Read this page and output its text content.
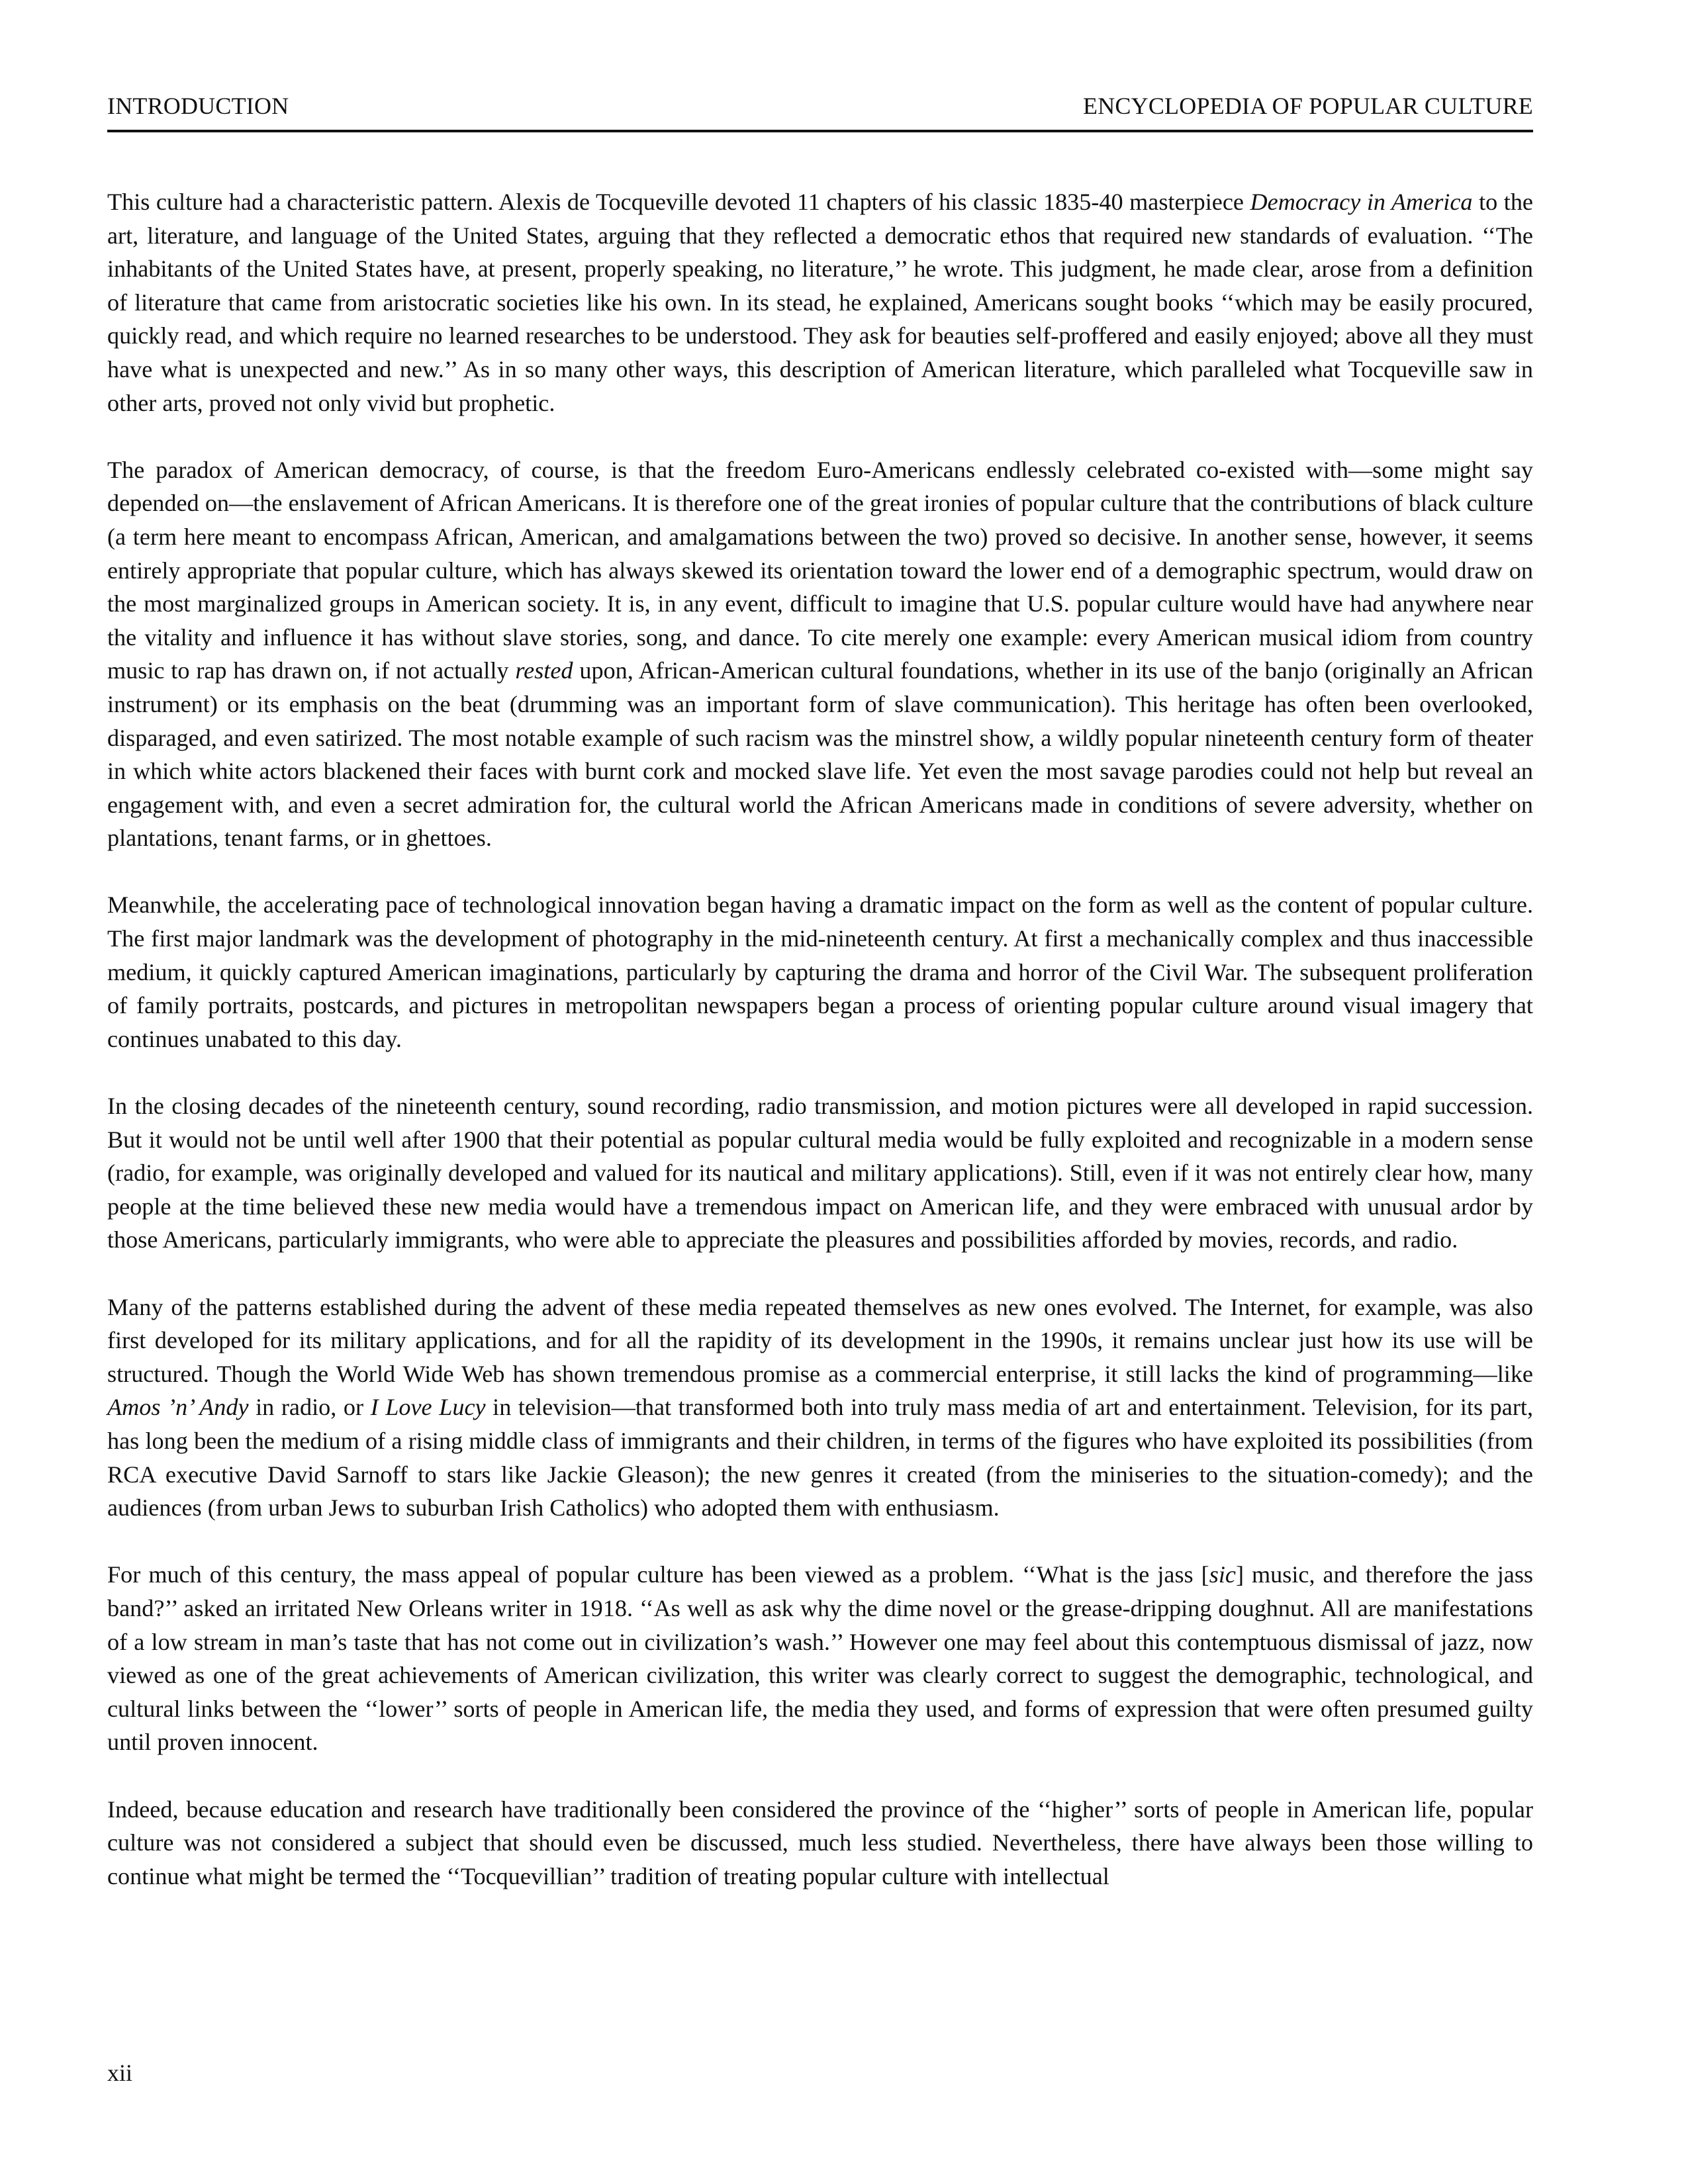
INTRODUCTION	ENCYCLOPEDIA OF POPULAR CULTURE

This culture had a characteristic pattern. Alexis de Tocqueville devoted 11 chapters of his classic 1835-40 masterpiece Democracy in America to the art, literature, and language of the United States, arguing that they reflected a democratic ethos that required new standards of evaluation. ‘‘The inhabitants of the United States have, at present, properly speaking, no literature,’’ he wrote. This judgment, he made clear, arose from a definition of literature that came from aristocratic societies like his own. In its stead, he explained, Americans sought books ‘‘which may be easily procured, quickly read, and which require no learned researches to be understood. They ask for beauties self-proffered and easily enjoyed; above all they must have what is unexpected and new.’’ As in so many other ways, this description of American literature, which paralleled what Tocqueville saw in other arts, proved not only vivid but prophetic.

The paradox of American democracy, of course, is that the freedom Euro-Americans endlessly celebrated co-existed with—some might say depended on—the enslavement of African Americans. It is therefore one of the great ironies of popular culture that the contributions of black culture (a term here meant to encompass African, American, and amalgamations between the two) proved so decisive. In another sense, however, it seems entirely appropriate that popular culture, which has always skewed its orientation toward the lower end of a demographic spectrum, would draw on the most marginalized groups in American society. It is, in any event, difficult to imagine that U.S. popular culture would have had anywhere near the vitality and influence it has without slave stories, song, and dance. To cite merely one example: every American musical idiom from country music to rap has drawn on, if not actually rested upon, African-American cultural foundations, whether in its use of the banjo (originally an African instrument) or its emphasis on the beat (drumming was an important form of slave communication). This heritage has often been overlooked, disparaged, and even satirized. The most notable example of such racism was the minstrel show, a wildly popular nineteenth century form of theater in which white actors blackened their faces with burnt cork and mocked slave life. Yet even the most savage parodies could not help but reveal an engagement with, and even a secret admiration for, the cultural world the African Americans made in conditions of severe adversity, whether on plantations, tenant farms, or in ghettoes.

Meanwhile, the accelerating pace of technological innovation began having a dramatic impact on the form as well as the content of popular culture. The first major landmark was the development of photography in the mid-nineteenth century. At first a mechanically complex and thus inaccessible medium, it quickly captured American imaginations, particularly by capturing the drama and horror of the Civil War. The subsequent proliferation of family portraits, postcards, and pictures in metropolitan newspapers began a process of orienting popular culture around visual imagery that continues unabated to this day.

In the closing decades of the nineteenth century, sound recording, radio transmission, and motion pictures were all developed in rapid succession. But it would not be until well after 1900 that their potential as popular cultural media would be fully exploited and recognizable in a modern sense (radio, for example, was originally developed and valued for its nautical and military applications). Still, even if it was not entirely clear how, many people at the time believed these new media would have a tremendous impact on American life, and they were embraced with unusual ardor by those Americans, particularly immigrants, who were able to appreciate the pleasures and possibilities afforded by movies, records, and radio.

Many of the patterns established during the advent of these media repeated themselves as new ones evolved. The Internet, for example, was also first developed for its military applications, and for all the rapidity of its development in the 1990s, it remains unclear just how its use will be structured. Though the World Wide Web has shown tremendous promise as a commercial enterprise, it still lacks the kind of programming—like Amos ’n’ Andy in radio, or I Love Lucy in television—that transformed both into truly mass media of art and entertainment. Television, for its part, has long been the medium of a rising middle class of immigrants and their children, in terms of the figures who have exploited its possibilities (from RCA executive David Sarnoff to stars like Jackie Gleason); the new genres it created (from the miniseries to the situation-comedy); and the audiences (from urban Jews to suburban Irish Catholics) who adopted them with enthusiasm.

For much of this century, the mass appeal of popular culture has been viewed as a problem. ‘‘What is the jass [sic] music, and therefore the jass band?’’ asked an irritated New Orleans writer in 1918. ‘‘As well as ask why the dime novel or the grease-dripping doughnut. All are manifestations of a low stream in man’s taste that has not come out in civilization’s wash.’’ However one may feel about this contemptuous dismissal of jazz, now viewed as one of the great achievements of American civilization, this writer was clearly correct to suggest the demographic, technological, and cultural links between the ‘‘lower’’ sorts of people in American life, the media they used, and forms of expression that were often presumed guilty until proven innocent.

Indeed, because education and research have traditionally been considered the province of the ‘‘higher’’ sorts of people in American life, popular culture was not considered a subject that should even be discussed, much less studied. Nevertheless, there have always been those willing to continue what might be termed the ‘‘Tocquevillian’’ tradition of treating popular culture with intellectual

xii
